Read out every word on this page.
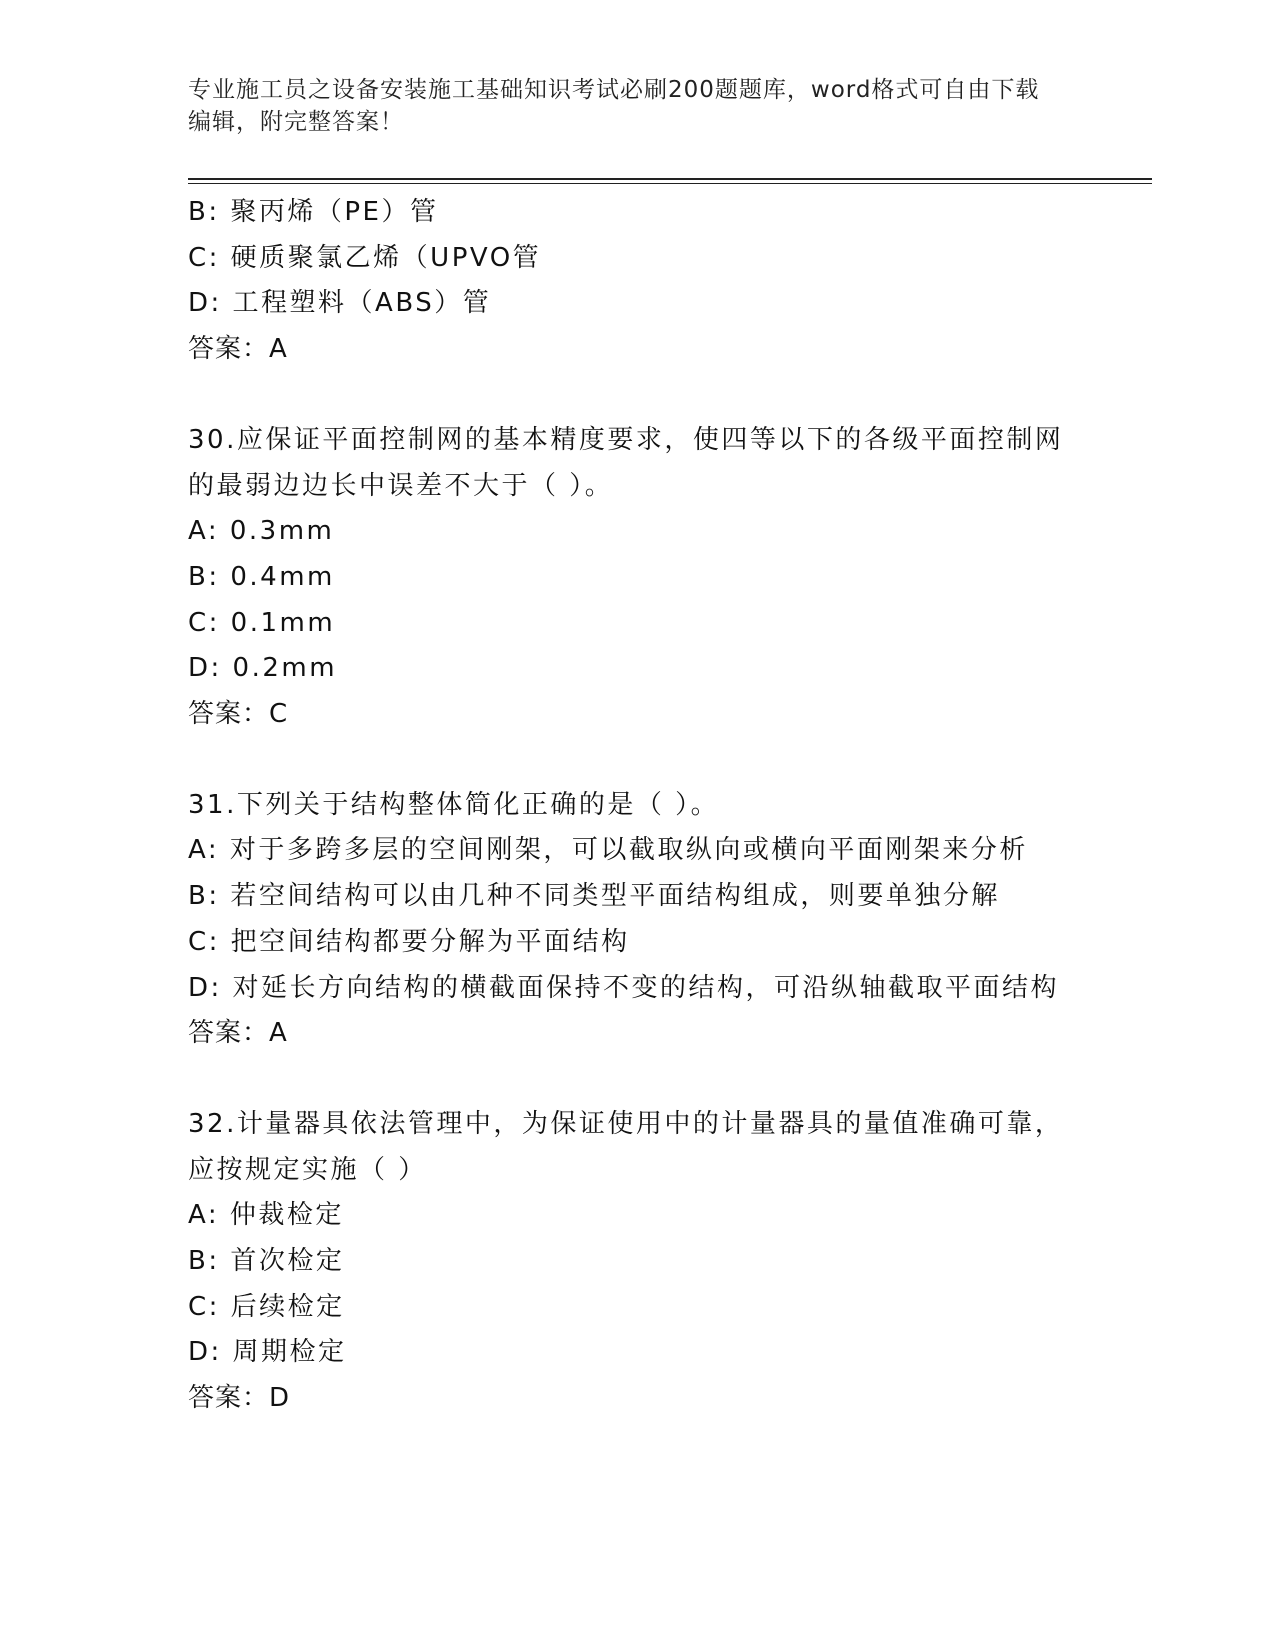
专业施工员之设备安装施工基础知识考试必刷200题题库，word格式可自由下载
编辑，附完整答案！
B: 聚丙烯（PE）管
C: 硬质聚氯乙烯（UPVO管
D: 工程塑料（ABS）管
答案：A
30.应保证平面控制网的基本精度要求，使四等以下的各级平面控制网
的最弱边边长中误差不大于（ ）。
A: 0.3mm
B: 0.4mm
C: 0.1mm
D: 0.2mm
答案：C
31.下列关于结构整体简化正确的是（ ）。
A: 对于多跨多层的空间刚架，可以截取纵向或横向平面刚架来分析
B: 若空间结构可以由几种不同类型平面结构组成，则要单独分解
C: 把空间结构都要分解为平面结构
D: 对延长方向结构的横截面保持不变的结构，可沿纵轴截取平面结构
答案：A
32.计量器具依法管理中，为保证使用中的计量器具的量值准确可靠，
应按规定实施（ ）
A: 仲裁检定
B: 首次检定
C: 后续检定
D: 周期检定
答案：D
